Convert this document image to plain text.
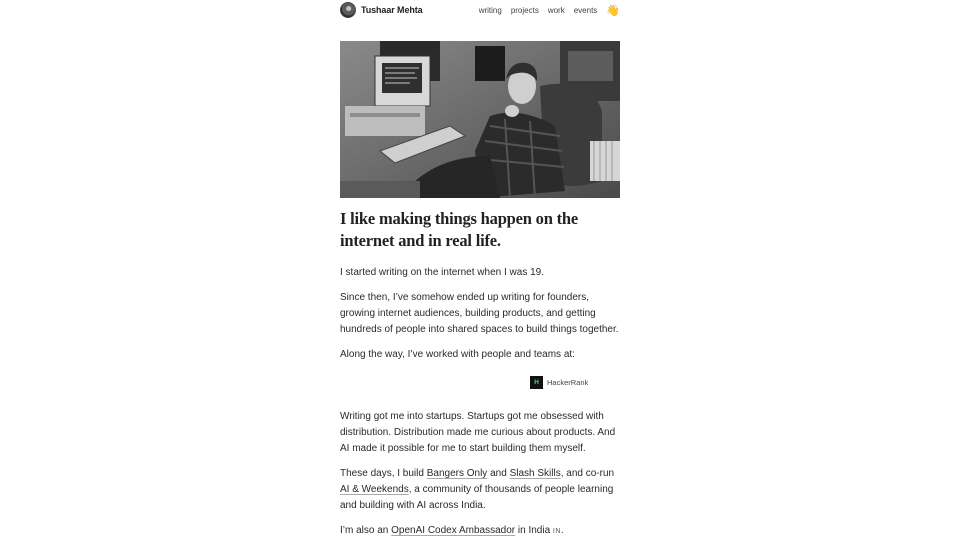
Tushaar Mehta	writing projects work events 👋
I like making things happen on the internet and in real life.

I started writing on the internet when I was 19.

Since then, I’ve somehow ended up writing for founders, growing internet audiences, building products, and getting hundreds of people into shared spaces to build things together.

Along the way, I’ve worked with people and teams at:

H	HackerRank

Writing got me into startups. Startups got me obsessed with distribution. Distribution made me curious about products. And AI made it possible for me to start building them myself.

These days, I build Bangers Only and Slash Skills, and co-run AI & Weekends, a community of thousands of people learning and building with AI across India.

I’m also an OpenAI Codex Ambassador in India IN.
